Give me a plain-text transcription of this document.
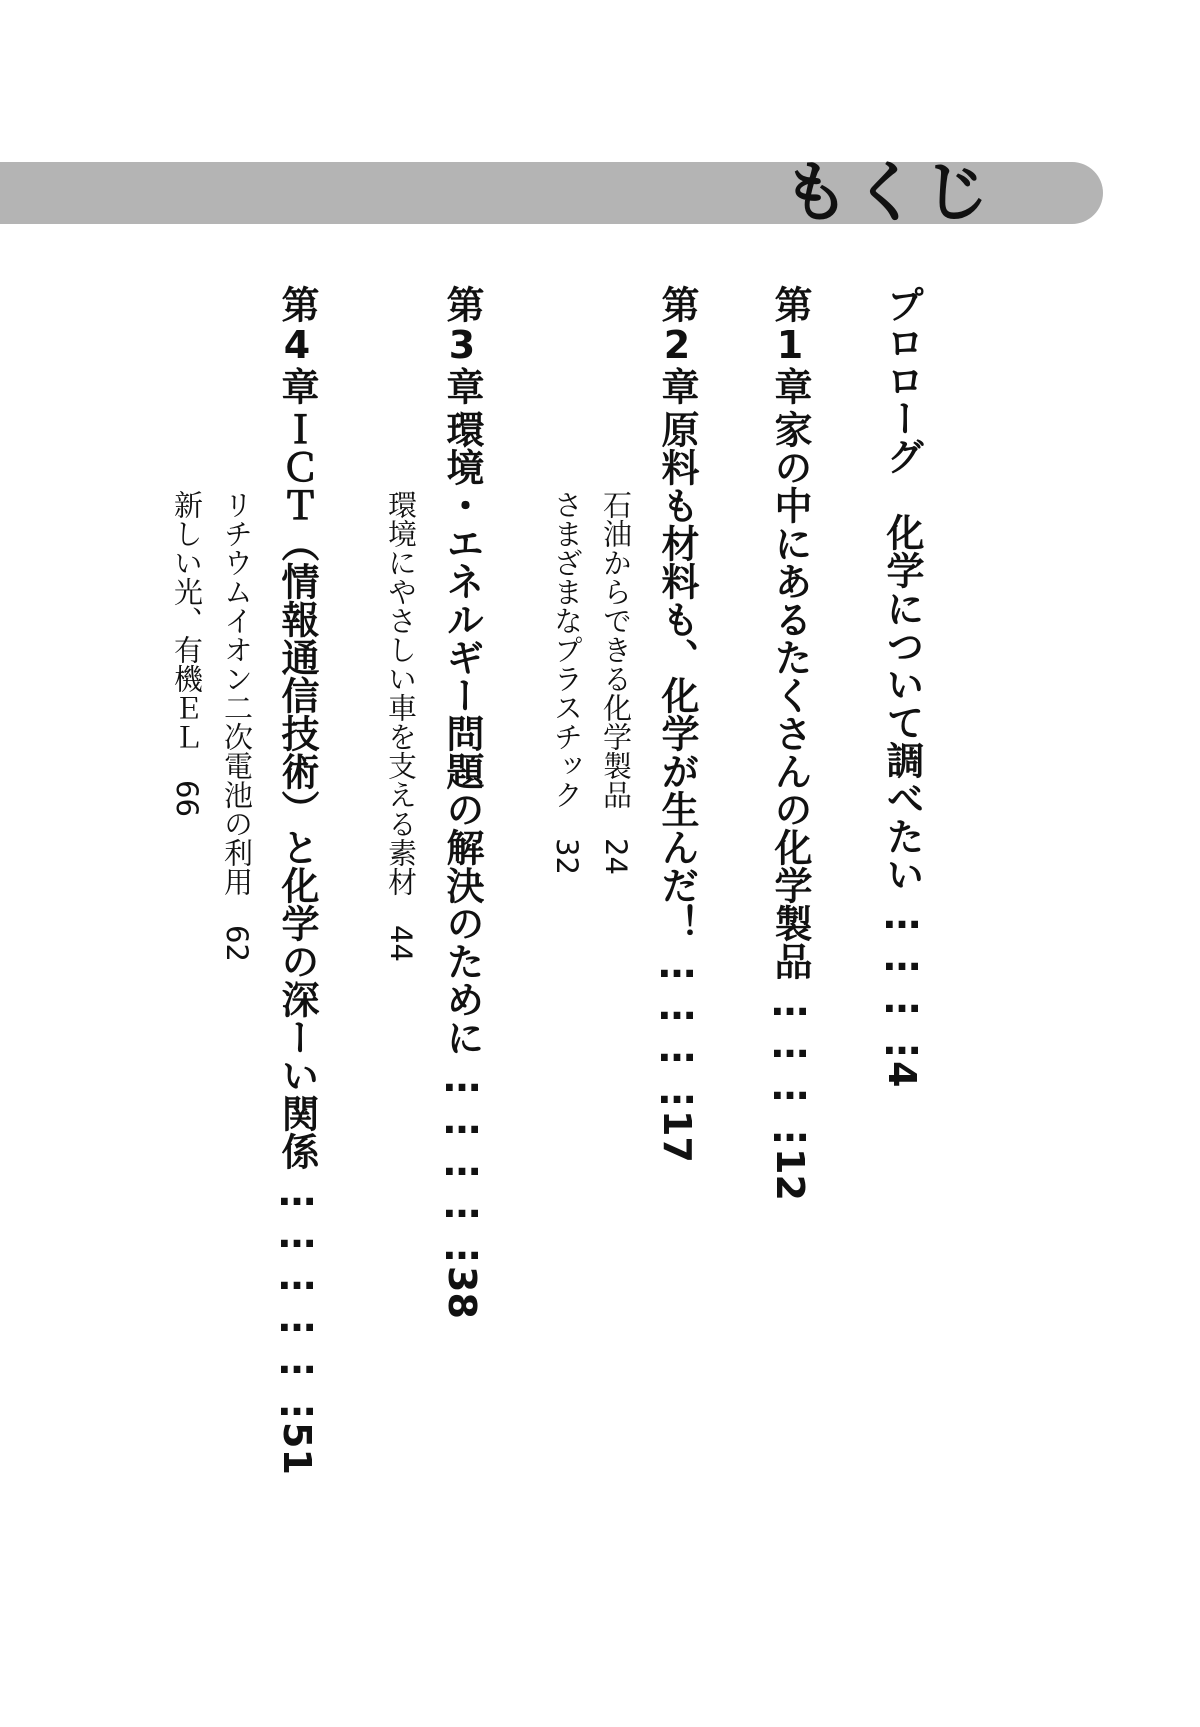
もくじ
プロローグ　化学について調べたい…………4
第1章家の中にあるたくさんの化学製品…………12
第2章原料も材料も、化学が生んだ！…………17
石油からできる化学製品　24
さまざまなプラスチック　32
第3章環境・エネルギー問題の解決のために……………38
環境にやさしい車を支える素材　44
第4章ＩＣＴ（情報通信技術）と化学の深ーい関係………………51
リチウムイオン二次電池の利用　62
新しい光、有機ＥＬ　66
